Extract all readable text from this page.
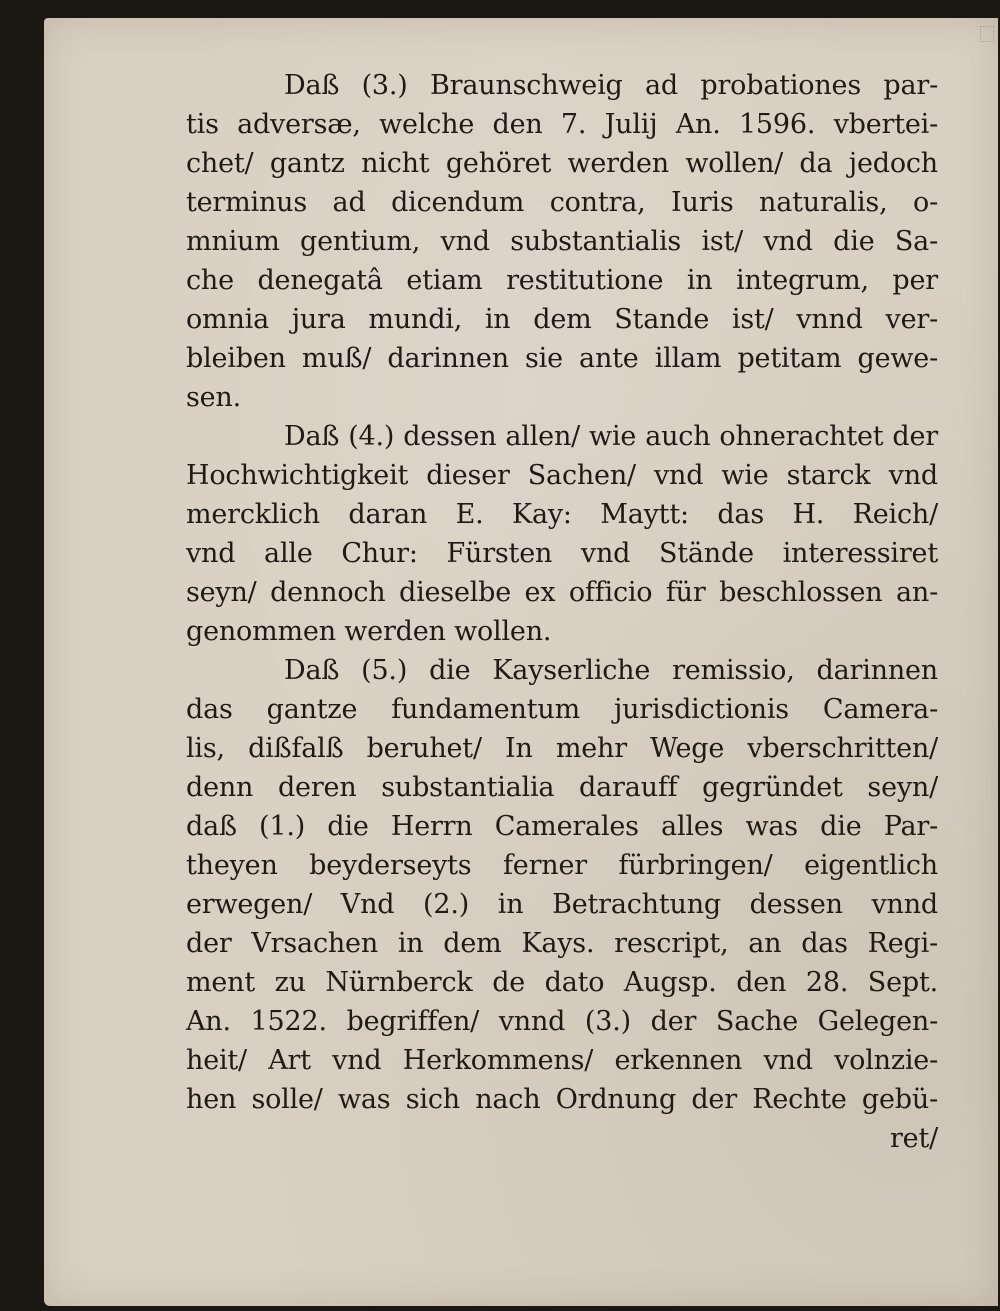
Daß (3.) Braunschweig ad probationes par-
tis adversæ, welche den 7. Julij An. 1596. vbertei-
chet/ gantz nicht gehöret werden wollen/ da jedoch
terminus ad dicendum contra, Iuris naturalis, o-
mnium gentium, vnd substantialis ist/ vnd die Sa-
che denegatâ etiam restitutione in integrum, per
omnia jura mundi, in dem Stande ist/ vnnd ver-
bleiben muß/ darinnen sie ante illam petitam gewe-
sen.
Daß (4.) dessen allen/ wie auch ohnerachtet der
Hochwichtigkeit dieser Sachen/ vnd wie starck vnd
mercklich daran E. Kay: Maytt: das H. Reich/
vnd alle Chur: Fürsten vnd Stände interessiret
seyn/ dennoch dieselbe ex officio für beschlossen an-
genommen werden wollen.
Daß (5.) die Kayserliche remissio, darinnen
das gantze fundamentum jurisdictionis Camera-
lis, dißfalß beruhet/ In mehr Wege vberschritten/
denn deren substantialia darauff gegründet seyn/
daß (1.) die Herrn Camerales alles was die Par-
theyen beyderseyts ferner fürbringen/ eigentlich
erwegen/ Vnd (2.) in Betrachtung dessen vnnd
der Vrsachen in dem Kays. rescript, an das Regi-
ment zu Nürnberck de dato Augsp. den 28. Sept.
An. 1522. begriffen/ vnnd (3.) der Sache Gelegen-
heit/ Art vnd Herkommens/ erkennen vnd volnzie-
hen solle/ was sich nach Ordnung der Rechte gebü-
ret/
